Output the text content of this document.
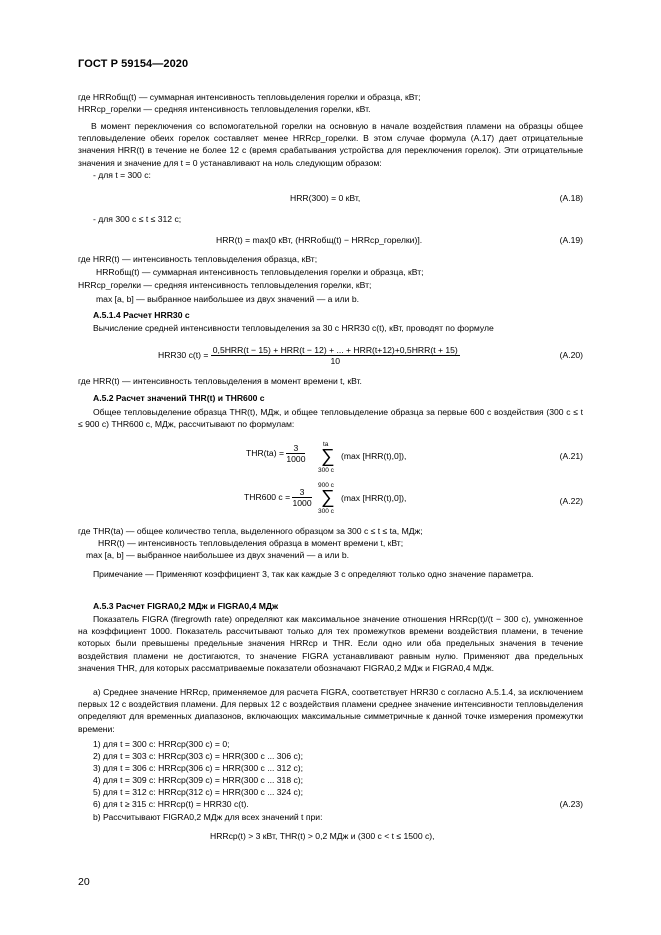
ГОСТ Р 59154—2020
где HRRобщ(t) — суммарная интенсивность тепловыделения горелки и образца, кВт;
HRRср_горелки — средняя интенсивность тепловыделения горелки, кВт.
В момент переключения со вспомогательной горелки на основную в начале воздействия пламени на образцы общее тепловыделение обеих горелок составляет менее HRRср_горелки. В этом случае формула (А.17) дает отрицательные значения HRR(t) в течение не более 12 с (время срабатывания устройства для переключения горелок). Эти отрицательные значения и значение для t = 0 устанавливают на ноль следующим образом:
- для t = 300 с:
HRR(300) = 0 кВт,	(А.18)
- для 300 с ≤ t ≤ 312 с;
HRR(t) = max[0 кВт, (HRRобщ(t) − HRRср_горелки)].	(А.19)
где HRR(t) — интенсивность тепловыделения образца, кВт;
HRRобщ(t) — суммарная интенсивность тепловыделения горелки и образца, кВт;
HRRср_горелки — средняя интенсивность тепловыделения горелки, кВт;
max [a, b] — выбранное наибольшее из двух значений — a или b.
А.5.1.4 Расчет HRR30 с
Вычисление средней интенсивности тепловыделения за 30 с HRR30 с(t), кВт, проводят по формуле
HRR30 с(t) = 0,5HRR(t − 15) + HRR(t − 12) + ... + HRR(t+12)+0,5HRR(t + 15)
10
(А.20)
где HRR(t) — интенсивность тепловыделения в момент времени t, кВт.
А.5.2 Расчет значений THR(t) и THR600 с
Общее тепловыделение образца THR(t), МДж, и общее тепловыделение образца за первые 600 с воздействия (300 с ≤ t ≤ 900 с) THR600 с, МДж, рассчитывают по формулам:
$THR(ta) = \frac{3}{1000}$	ta
∑
300 с
(max [HRR(t),0]),	(А.21)
THR600 $с = \frac{3}{1000}$
900 с
∑
300 с
(max [HRR(t),0]),	(А.22)
где THR(ta) — общее количество тепла, выделенного образцом за 300 с ≤ t ≤ ta, МДж;
HRR(t) — интенсивность тепловыделения образца в момент времени t, кВт;
max [a, b] — выбранное наибольшее из двух значений — a или b.
Примечание — Применяют коэффициент 3, так как каждые 3 с определяют только одно значение параметра.
А.5.3 Расчет FIGRA0,2 МДж и FIGRA0,4 МДж
Показатель FIGRA (firegrowth rate) определяют как максимальное значение отношения HRRср(t)/(t − 300 с), умноженное на коэффициент 1000. Показатель рассчитывают только для тех промежутков времени воздействия пламени, в течение которых были превышены предельные значения HRRср и THR. Если одно или оба предельных значения в течение воздействия пламени не достигаются, то значение FIGRA устанавливают равным нулю. Применяют два предельных значения THR, для которых рассматриваемые показатели обозначают FIGRA0,2 МДж и FIGRA0,4 МДж.
а) Среднее значение HRRср, применяемое для расчета FIGRA, соответствует HRR30 с согласно А.5.1.4, за исключением первых 12 с воздействия пламени. Для первых 12 с воздействия пламени среднее значение интенсивности тепловыделения определяют для временных диапазонов, включающих максимальные симметричные к данной точке измерения промежутки времени:
1) для t = 300 с: HRRср(300 с) = 0;
2) для t = 303 с: HRRср(303 с) = HRR(300 с ... 306 с);
3) для t = 306 с: HRRср(306 с) = HRR(300 с ... 312 с);
4) для t = 309 с: HRRср(309 с) = HRR(300 с ... 318 с);
5) для t = 312 с: HRRср(312 с) = HRR(300 с ... 324 с);
6) для t ≥ 315 с: HRRср(t) = HRR30 с(t).	(А.23)
b) Рассчитывают FIGRA0,2 МДж для всех значений t при:
HRRср(t) > 3 кВт, THR(t) > 0,2 МДж и (300 с < t ≤ 1500 с),
20
